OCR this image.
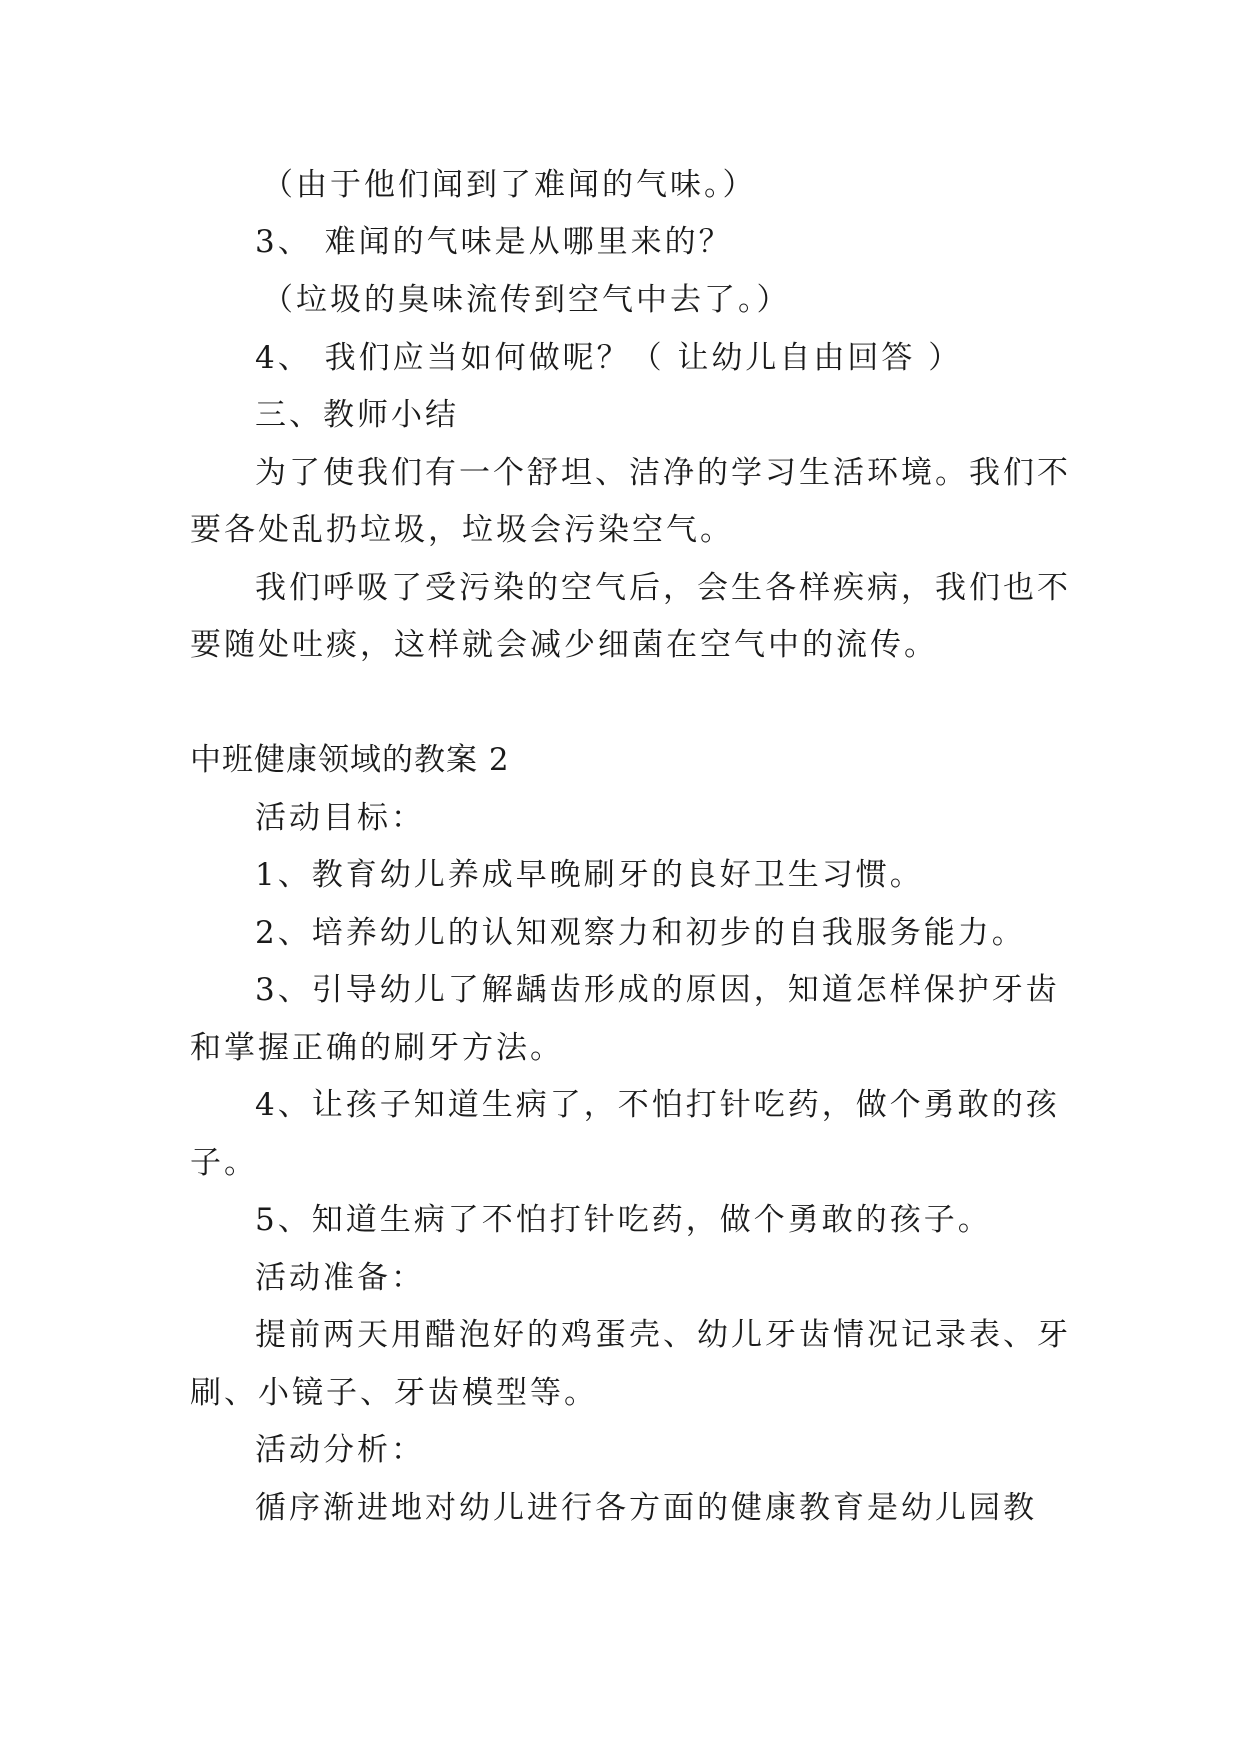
（由于他们闻到了难闻的气味。）
3、 难闻的气味是从哪里来的？
（垃圾的臭味流传到空气中去了。）
4、 我们应当如何做呢？（ 让幼儿自由回答 ）
三、教师小结
为了使我们有一个舒坦、洁净的学习生活环境。我们不
要各处乱扔垃圾，垃圾会污染空气。
我们呼吸了受污染的空气后，会生各样疾病，我们也不
要随处吐痰，这样就会减少细菌在空气中的流传。
中班健康领域的教案 2
活动目标：
1、教育幼儿养成早晚刷牙的良好卫生习惯。
2、培养幼儿的认知观察力和初步的自我服务能力。
3、引导幼儿了解龋齿形成的原因，知道怎样保护牙齿
和掌握正确的刷牙方法。
4、让孩子知道生病了，不怕打针吃药，做个勇敢的孩
子。
5、知道生病了不怕打针吃药，做个勇敢的孩子。
活动准备：
提前两天用醋泡好的鸡蛋壳、幼儿牙齿情况记录表、牙
刷、小镜子、牙齿模型等。
活动分析：
循序渐进地对幼儿进行各方面的健康教育是幼儿园教
